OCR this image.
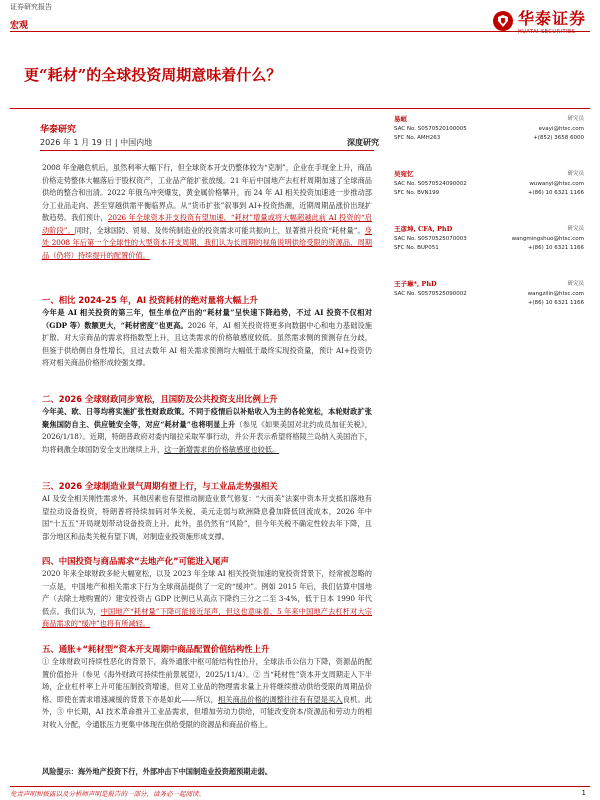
证券研究报告
宏观	华泰证券
HUATAI SECURITIES
更“耗材”的全球投资周期意味着什么？
华泰研究
2026 年 1 月 19 日 | 中国内地	深度研究
易峘	研究员
SAC No. S0570520100005	evayi@htsc.com
SFC No. AMH263	+(852) 3658 6000
吴宛忆	研究员
SAC No. S0570524090002	wuwanyi@htsc.com
SFC No. BVN199	+(86) 10 6321 1166
王彦坤, CFA, PhD	研究员
SAC No. S0570525070003	wangmingshuo@htsc.com
SFC No. BUP051	+(86) 10 6321 1166
王子琳*, PhD	研究员
SAC No. S0570525090002	wangzilin@htsc.com
+(86) 10 6321 1166

2008 年金融危机后，虽然利率大幅下行，但全球资本开支仍整体较为“克制”，企业在手现金上升，商品价格走势整体大幅落后于股权资产，工业品产能扩张放缓。21 年后中国地产去杠杆周期加速了全球商品供给的整合和出清。2022 年俄乌冲突爆发，黄金属价格攀升，而 24 年 AI 相关投资加速进一步推动部分工业品走向、甚至穿越供需平衡临界点。从“货币扩张”叙事到 AI+投资热潮，近期周期品涨价出现扩散趋势。我们预计，2026 年全球资本开支投资有望加速，“耗材”增量或将大幅超越此前 AI 投资的“启动阶段”。同时，全球国防、贸易、及传统制造业的投资需求可能共振向上，显著推升投资“耗材量”。身处 2008 年后第一个全球性的大型资本开支周期，我们认为长周期的视角说明供给受限的资源品、周期品（仍将）持续提升的配置价值。

一、相比 2024-25 年，AI 投资耗材的绝对量将大幅上升

今年是 AI 相关投资的第三年，恒生单位产出的“耗材量”呈快速下降趋势，不过 AI 投资不仅相对（GDP 等）数额更大，“耗材密度”也更高。2026 年，AI 相关投资将更多向数据中心和电力基础设施扩散。对大宗商品的需求将指数型上升，且这类需求的价格敏感度较低。虽然需求侧的预测存在分歧，但鉴于供给侧自身性增长，且过去数年 AI 相关需求预测均大幅低于最终实现投资量，预计 AI+投资仍将对相关商品价格形成较强支撑。

二、2026 全球财政同步宽松，且国防及公共投资支出比例上升

今年美、欧、日等均将实施扩张性财政政策。不同于疫情后以补贴收入为主的各轮宽松，本轮财政扩张聚焦国防自主、供应链安全等，对应“耗材量”也将明显上升（参见《如果美国对北约成员加征关税》，2026/1/18）。近期，特朗普政府对委内瑞拉采取军事行动，并公开表示希望将格陵兰岛纳入美国治下，均将刺激全球国防安全支出继续上升，这一新增需求的价格敏感度也较低。

三、2026 全球制造业景气周期有望上行，与工业品走势强相关

AI 及安全相关刚性需求外，其他因素也有望推动制造业景气修复：“大而美”法案中资本开支抵扣落地有望拉动设备投资，特朗普将持续加码对华关税、美元走弱与欧洲降息叠加降低回流成本，2026 年中国“十五五”开局规划带动设备投资上升。此外，虽仍然有“风险”，但今年关税不确定性较去年下降，且部分地区和品类关税有望下调，对制造业投资施形成支撑。

四、中国投资与商品需求“去地产化”可能进入尾声

2020 年来全球财政多轮大幅宽松，以及 2023 年全球 AI 相关投资加速的宽投资背景下，经常被忽略的一点是，中国地产和相关需求下行为全球商品提供了一定的“缓冲”。例如 2015 年后，我们估算中国地产（去除土地购置的）建安投资占 GDP 比例已从高点下降约三分之二至 3-4%，低于日本 1990 年代低点。我们认为，中国地产“耗材量”下降可能接近尾声，但这也意味着，5 年来中国地产去杠杆对大宗商品需求的“缓冲”也将有所减轻。

五、通胀+“耗材型”资本开支周期中商品配置价值结构性上升

① 全球财政可持续性恶化的背景下，海外通胀中枢可能结构性抬升，全球法币公信力下降，资源品的配置价值抬升（参见《海外财政可持续性前景展望》，2025/11/4）。② 当“耗材性”资本开支周期走入下半场，企业杠杆率上升可能压制投资增速，但对工业品的物理需求量上升将继续推动供给受限的周期品价格、即使在需求增速减缓的背景下亦是如此——所以，相关商品价格的调整往往有有望是买入良机。此外，③ 中长期，AI 技术革命推升工业品需求，但增加劳动力供给，可能改变资本/资源品和劳动力的相对收入分配，令通胀压力更集中体现在供给受限的资源品和商品价格上。

风险提示：海外地产投资下行，外部冲击下中国制造业投资超预期走弱。

免责声明和披露以及分析师声明是报告的一部分，请务必一起阅读。	1
